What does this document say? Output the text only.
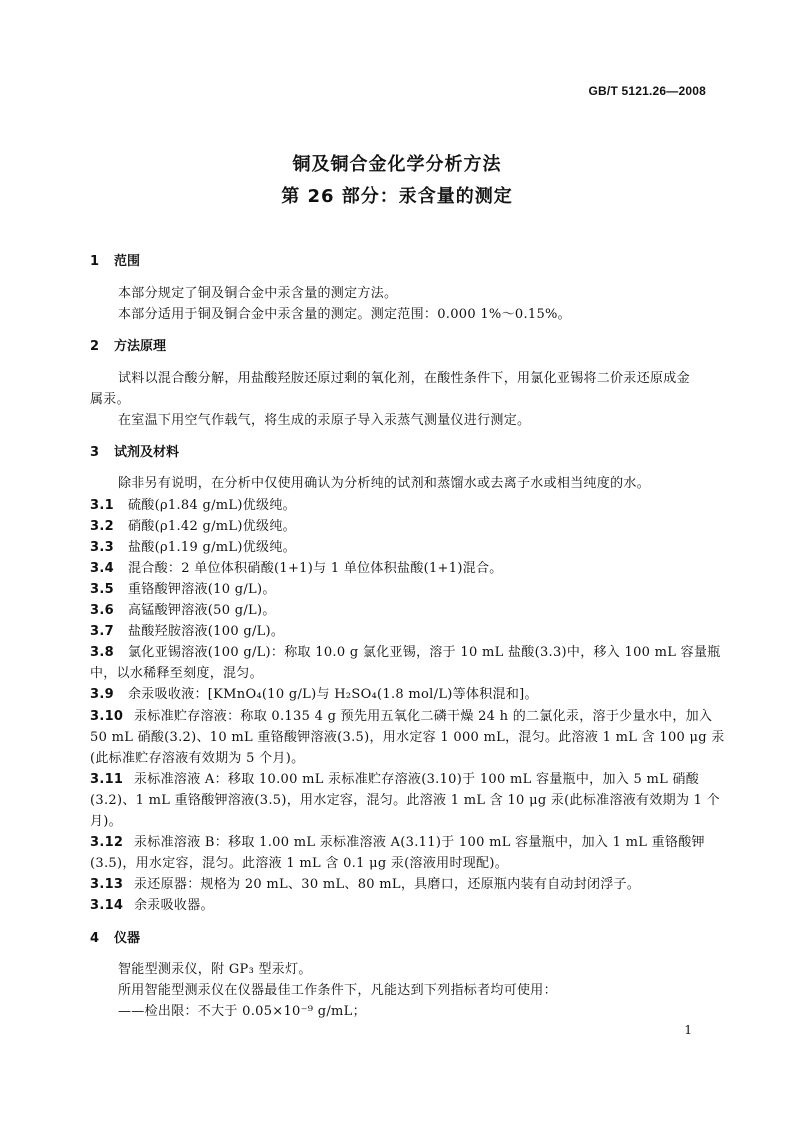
GB/T 5121.26—2008
铜及铜合金化学分析方法
第 26 部分：汞含量的测定
1 范围
本部分规定了铜及铜合金中汞含量的测定方法。
本部分适用于铜及铜合金中汞含量的测定。测定范围：0.000 1%～0.15%。
2 方法原理
试料以混合酸分解，用盐酸羟胺还原过剩的氧化剂，在酸性条件下，用氯化亚锡将二价汞还原成金
属汞。
在室温下用空气作载气，将生成的汞原子导入汞蒸气测量仪进行测定。
3 试剂及材料
除非另有说明，在分析中仅使用确认为分析纯的试剂和蒸馏水或去离子水或相当纯度的水。
3.1 硫酸(ρ1.84 g/mL)优级纯。
3.2 硝酸(ρ1.42 g/mL)优级纯。
3.3 盐酸(ρ1.19 g/mL)优级纯。
3.4 混合酸：2 单位体积硝酸(1+1)与 1 单位体积盐酸(1+1)混合。
3.5 重铬酸钾溶液(10 g/L)。
3.6 高锰酸钾溶液(50 g/L)。
3.7 盐酸羟胺溶液(100 g/L)。
3.8 氯化亚锡溶液(100 g/L)：称取 10.0 g 氯化亚锡，溶于 10 mL 盐酸(3.3)中，移入 100 mL 容量瓶
中，以水稀释至刻度，混匀。
3.9 余汞吸收液：[KMnO₄(10 g/L)与 H₂SO₄(1.8 mol/L)等体积混和]。
3.10 汞标准贮存溶液：称取 0.135 4 g 预先用五氧化二磷干燥 24 h 的二氯化汞，溶于少量水中，加入
50 mL 硝酸(3.2)、10 mL 重铬酸钾溶液(3.5)，用水定容 1 000 mL，混匀。此溶液 1 mL 含 100 μg 汞
(此标准贮存溶液有效期为 5 个月)。
3.11 汞标准溶液 A：移取 10.00 mL 汞标准贮存溶液(3.10)于 100 mL 容量瓶中，加入 5 mL 硝酸
(3.2)、1 mL 重铬酸钾溶液(3.5)，用水定容，混匀。此溶液 1 mL 含 10 μg 汞(此标准溶液有效期为 1 个
月)。
3.12 汞标准溶液 B：移取 1.00 mL 汞标准溶液 A(3.11)于 100 mL 容量瓶中，加入 1 mL 重铬酸钾
(3.5)，用水定容，混匀。此溶液 1 mL 含 0.1 μg 汞(溶液用时现配)。
3.13 汞还原器：规格为 20 mL、30 mL、80 mL，具磨口，还原瓶内装有自动封闭浮子。
3.14 余汞吸收器。
4 仪器
智能型测汞仪，附 GP₃ 型汞灯。
所用智能型测汞仪在仪器最佳工作条件下，凡能达到下列指标者均可使用：
——检出限：不大于 0.05×10⁻⁹ g/mL；
1
